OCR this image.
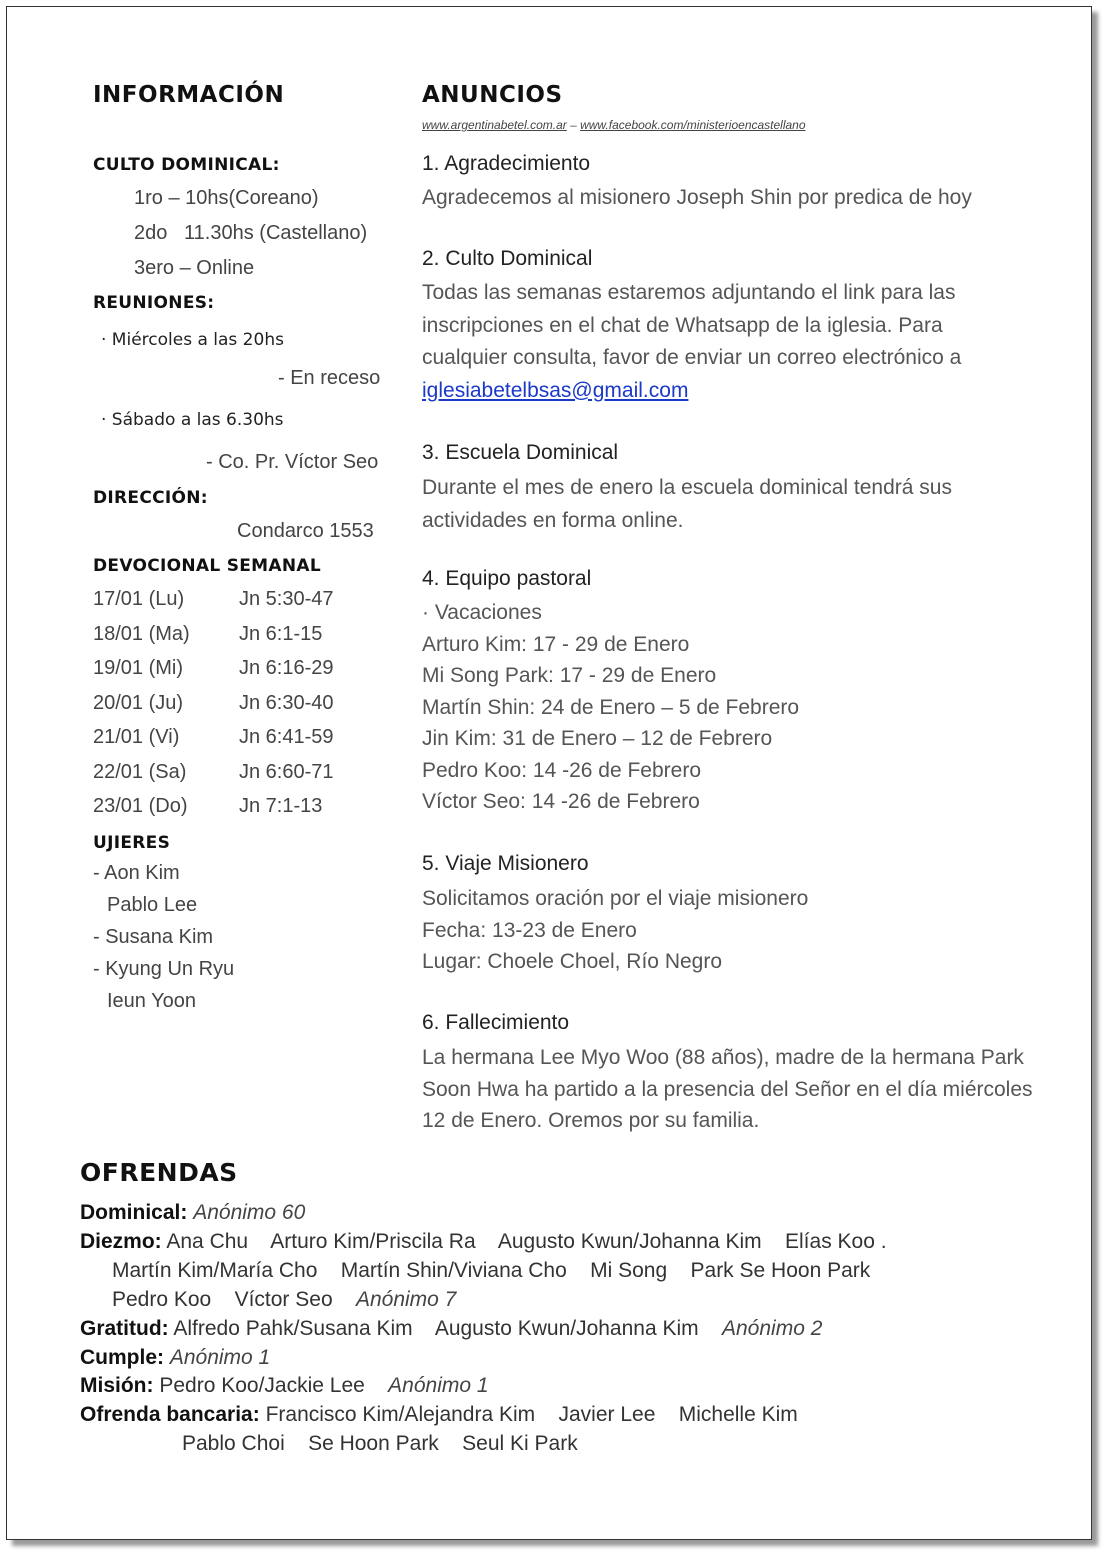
INFORMACIÓN
CULTO DOMINICAL:
1ro – 10hs(Coreano)
2do   11.30hs (Castellano)
3ero – Online
REUNIONES:
· Miércoles a las 20hs
- En receso
· Sábado a las 6.30hs
- Co. Pr. Víctor Seo
DIRECCIÓN:
Condarco 1553
DEVOCIONAL SEMANAL
17/01 (Lu)	Jn 5:30-47
18/01 (Ma) Jn 6:1-15
19/01 (Mi)	Jn 6:16-29
20/01 (Ju)	Jn 6:30-40
21/01 (Vi)	Jn 6:41-59
22/01 (Sa)	Jn 6:60-71
23/01 (Do)	Jn 7:1-13
UJIERES
- Aon Kim
Pablo Lee
- Susana Kim
- Kyung Un Ryu
Ieun Yoon
ANUNCIOS
www.argentinabetel.com.ar – www.facebook.com/ministerioencastellano
1. Agradecimiento
Agradecemos al misionero Joseph Shin por predica de hoy
2. Culto Dominical
Todas las semanas estaremos adjuntando el link para las inscripciones en el chat de Whatsapp de la iglesia. Para cualquier consulta, favor de enviar un correo electrónico a
iglesiabetelbsas@gmail.com
3. Escuela Dominical
Durante el mes de enero la escuela dominical tendrá sus actividades en forma online.
4. Equipo pastoral
· Vacaciones
Arturo Kim: 17 - 29 de Enero
Mi Song Park: 17 - 29 de Enero
Martín Shin: 24 de Enero – 5 de Febrero
Jin Kim: 31 de Enero – 12 de Febrero
Pedro Koo: 14 -26 de Febrero
Víctor Seo: 14 -26 de Febrero
5. Viaje Misionero
Solicitamos oración por el viaje misionero
Fecha: 13-23 de Enero
Lugar: Choele Choel, Río Negro
6. Fallecimiento
La hermana Lee Myo Woo (88 años), madre de la hermana Park Soon Hwa ha partido a la presencia del Señor en el día miércoles 12 de Enero. Oremos por su familia.
OFRENDAS
Dominical: Anónimo 60
Diezmo: Ana Chu    Arturo Kim/Priscila Ra    Augusto Kwun/Johanna Kim    Elías Koo .
Martín Kim/María Cho    Martín Shin/Viviana Cho    Mi Song    Park Se Hoon Park
Pedro Koo    Víctor Seo Anónimo 7
Gratitud: Alfredo Pahk/Susana Kim    Augusto Kwun/Johanna Kim Anónimo 2
Cumple: Anónimo 1
Misión: Pedro Koo/Jackie Lee Anónimo 1
Ofrenda bancaria: Francisco Kim/Alejandra Kim    Javier Lee    Michelle Kim
Pablo Choi    Se Hoon Park    Seul Ki Park
